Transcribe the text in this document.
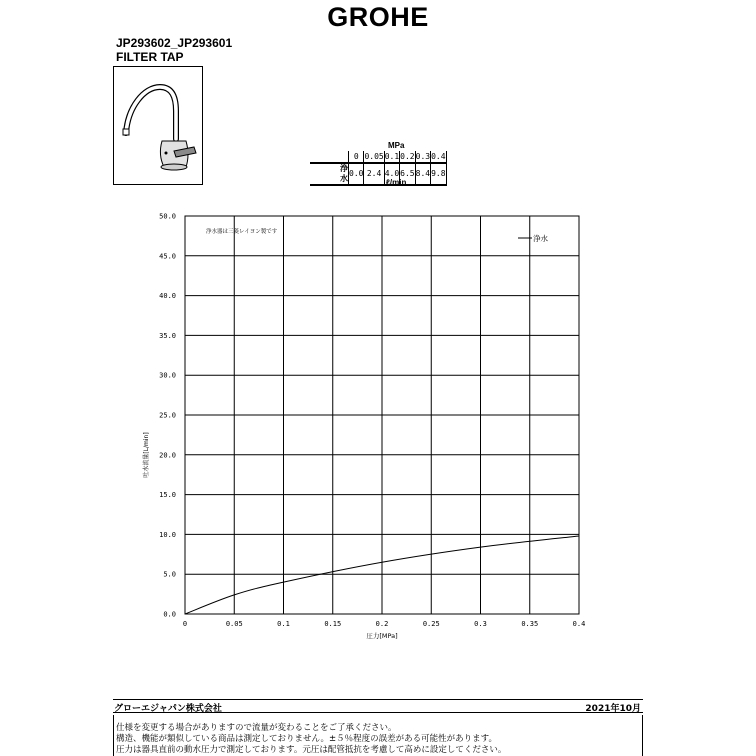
GROHE
JP293602_JP293601
FILTER TAP
MPa
	0	0.05	0.1	0.2	0.3	0.4
浄水	0.0	2.4	4.0	6.5	8.4	9.8
ℓ/min
0.0
5.0
10.0
15.0
20.0
25.0
30.0
35.0
40.0
45.0
50.0
0	0.05	0.1	0.15	0.2	0.25	0.3	0.35	0.4
浄水器は三菱レイヨン製です
浄水
圧力[MPa]
吐水流量[L/min]
グローエジャパン株式会社	2021年10月
仕様を変更する場合がありますので流量が変わることをご了承ください。
構造、機能が類似している商品は測定しておりません。±５％程度の誤差がある可能性があります。
圧力は器具直前の動水圧力で測定しております。元圧は配管抵抗を考慮して高めに設定してください。
